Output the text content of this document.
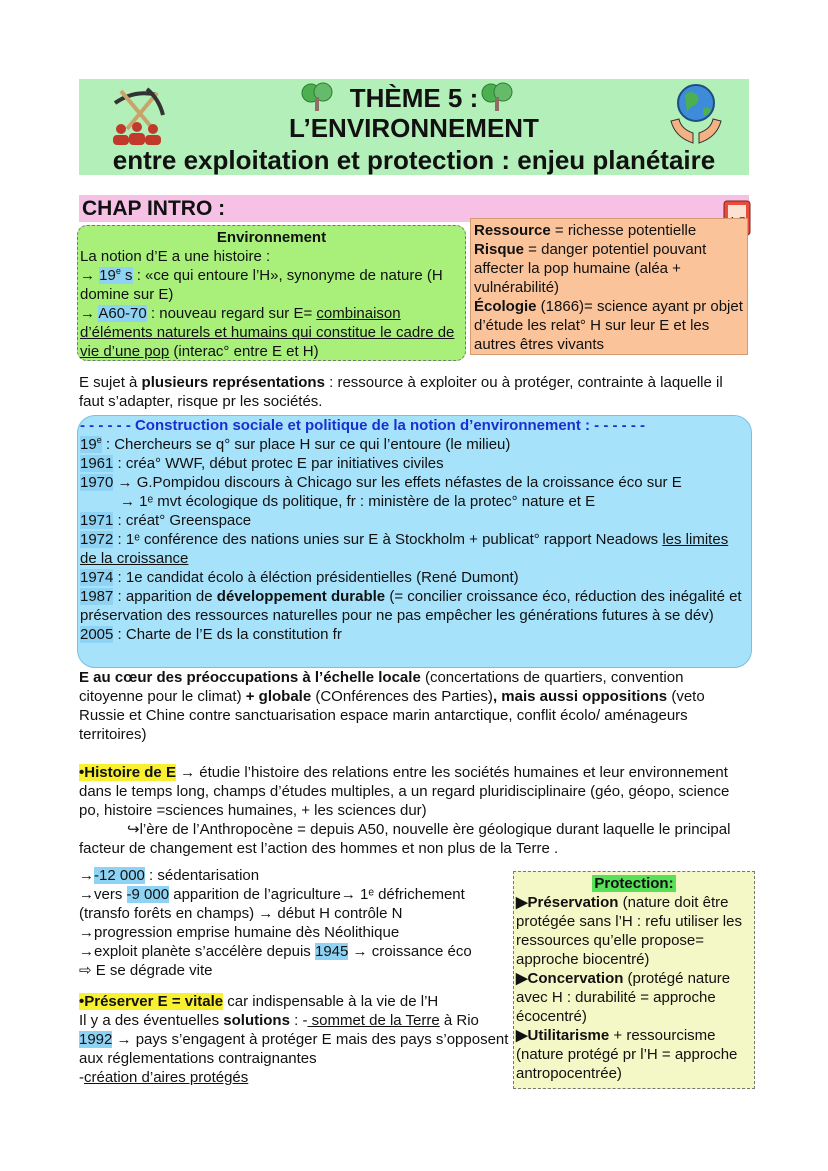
THÈME 5 :
L’ENVIRONNEMENT
entre exploitation et protection : enjeu planétaire
CHAP INTRO :
Environnement
La notion d’E a une histoire :
→ $19^e$ s : «ce qui entoure l’H», synonyme de nature (H domine sur E)
→ A60-70 : nouveau regard sur E= combinaison d’éléments naturels et humains qui constitue le cadre de vie d’une pop (interac° entre E et H)
Ressource = richesse potentielle
Risque = danger potentiel pouvant affecter la pop humaine (aléa + vulnérabilité)
Écologie (1866)= science ayant pr objet d’étude les relat° H sur leur E et les autres êtres vivants
E sujet à plusieurs représentations : ressource à exploiter ou à protéger, contrainte à laquelle il faut s’adapter, risque pr les sociétés.
- - - - - - Construction sociale et politique de la notion d’environnement : - - - - - -
19e : Chercheurs se q° sur place H sur ce qui l’entoure (le milieu)
1961 : créa° WWF, début protec E par initiatives civiles
1970 → G.Pompidou discours à Chicago sur les effets néfastes de la croissance éco sur E
→ 1ᵉ mvt écologique ds politique, fr : ministère de la protec° nature et E
1971 : créat° Greenspace
1972 : 1ᵉ conférence des nations unies sur E à Stockholm + publicat° rapport Neadows les limites de la croissance
1974 : 1e candidat écolo à éléction présidentielles (René Dumont)
1987 : apparition de développement durable (= concilier croissance éco, réduction des inégalité et préservation des ressources naturelles pour ne pas empêcher les générations futures à se dév)
2005 : Charte de l’E ds la constitution fr
E au cœur des préoccupations à l’échelle locale (concertations de quartiers, convention citoyenne pour le climat) + globale (COnférences des Parties), mais aussi oppositions (veto Russie et Chine contre sanctuarisation espace marin antarctique, conflit écolo/ aménageurs territoires)
•Histoire de E → étudie l’histoire des relations entre les sociétés humaines et leur environnement dans le temps long, champs d’études multiples, a un regard pluridisciplinaire (géo, géopo, science po, histoire =sciences humaines, + les sciences dur)
↪l’ère de l’Anthropocène = depuis A50, nouvelle ère géologique durant laquelle le principal facteur de changement est l’action des hommes et non plus de la Terre .
→-12 000 : sédentarisation
→vers -9 000 apparition de l’agriculture→ 1ᵉ défrichement (transfo forêts en champs) → début H contrôle N
→progression emprise humaine dès Néolithique
→exploit planète s’accélère depuis 1945 → croissance éco
⇨ E se dégrade vite
•Préserver E = vitale car indispensable à la vie de l’H
Il y a des éventuelles solutions : - sommet de la Terre à Rio 1992 → pays s’engagent à protéger E mais des pays s’opposent aux réglementations contraignantes
-création d’aires protégés
Protection:
▶Préservation (nature doit être protégée sans l’H : refu utiliser les ressources qu’elle propose= approche biocentré)
▶Concervation (protégé nature avec H : durabilité = approche écocentré)
▶Utilitarisme + ressourcisme (nature protégé pr l’H = approche antropocentrée)
